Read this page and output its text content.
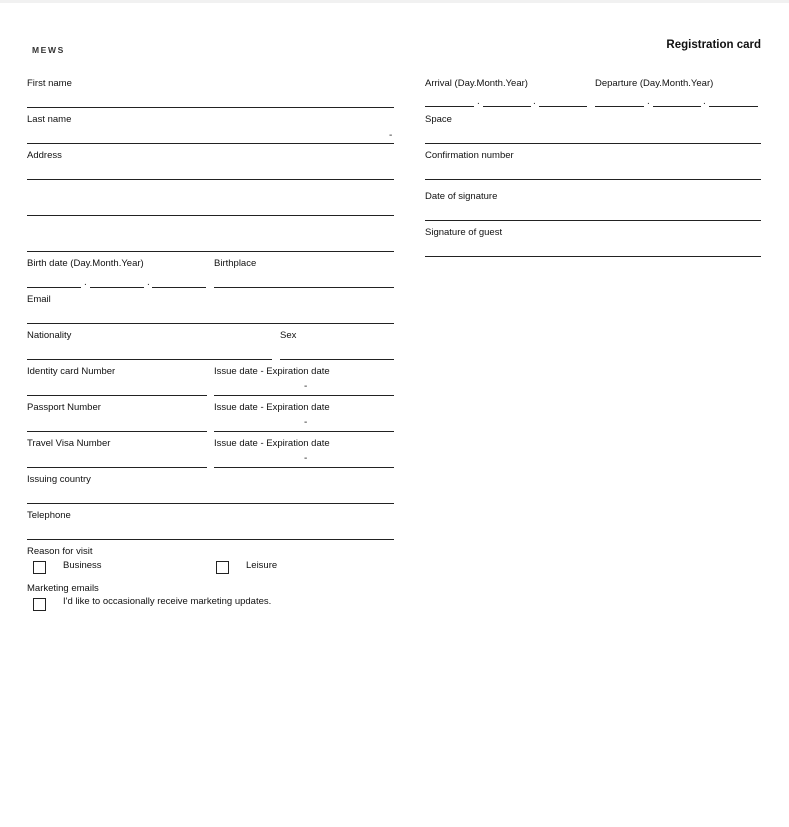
MEWS	Registration card
First name
Last name
-
Address
Birth date (Day.Month.Year)
.	.
Birthplace
Email
Nationality	Sex
Identity card Number	Issue date - Expiration date
-
Passport Number	Issue date - Expiration date
-
Travel Visa Number	Issue date - Expiration date
-
Issuing country
Telephone
Reason for visit
Business	Leisure
Marketing emails
I'd like to occasionally receive marketing updates.
Arrival (Day.Month.Year)
.	.
Departure (Day.Month.Year)
.	.
Space
Confirmation number
Date of signature
Signature of guest
